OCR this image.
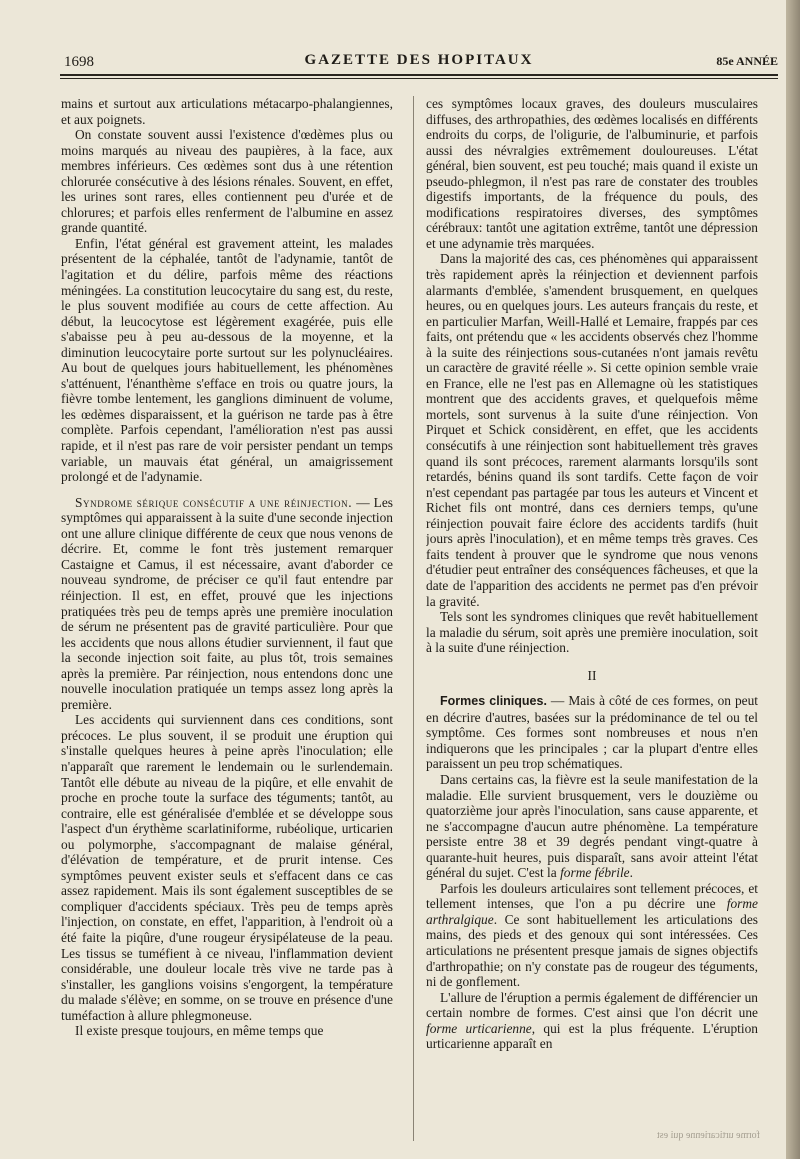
1698	GAZETTE DES HOPITAUX	85e ANNÉE

mains et surtout aux articulations métacarpo-phalangiennes, et aux poignets.

On constate souvent aussi l'existence d'œdèmes plus ou moins marqués au niveau des paupières, à la face, aux membres inférieurs. Ces œdèmes sont dus à une rétention chlorurée consécutive à des lésions rénales. Souvent, en effet, les urines sont rares, elles contiennent peu d'urée et de chlorures; et parfois elles renferment de l'albumine en assez grande quantité.

Enfin, l'état général est gravement atteint, les malades présentent de la céphalée, tantôt de l'adynamie, tantôt de l'agitation et du délire, parfois même des réactions méningées. La constitution leucocytaire du sang est, du reste, le plus souvent modifiée au cours de cette affection. Au début, la leucocytose est légèrement exagérée, puis elle s'abaisse peu à peu au-dessous de la moyenne, et la diminution leucocytaire porte surtout sur les polynucléaires. Au bout de quelques jours habituellement, les phénomènes s'atténuent, l'énanthème s'efface en trois ou quatre jours, la fièvre tombe lentement, les ganglions diminuent de volume, les œdèmes disparaissent, et la guérison ne tarde pas à être complète. Parfois cependant, l'amélioration n'est pas aussi rapide, et il n'est pas rare de voir persister pendant un temps variable, un mauvais état général, un amaigrissement prolongé et de l'adynamie.

Syndrome sérique consécutif a une réinjection. — Les symptômes qui apparaissent à la suite d'une seconde injection ont une allure clinique différente de ceux que nous venons de décrire. Et, comme le font très justement remarquer Castaigne et Camus, il est nécessaire, avant d'aborder ce nouveau syndrome, de préciser ce qu'il faut entendre par réinjection. Il est, en effet, prouvé que les injections pratiquées très peu de temps après une première inoculation de sérum ne présentent pas de gravité particulière. Pour que les accidents que nous allons étudier surviennent, il faut que la seconde injection soit faite, au plus tôt, trois semaines après la première. Par réinjection, nous entendons donc une nouvelle inoculation pratiquée un temps assez long après la première.

Les accidents qui surviennent dans ces conditions, sont précoces. Le plus souvent, il se produit une éruption qui s'installe quelques heures à peine après l'inoculation; elle n'apparaît que rarement le lendemain ou le surlendemain. Tantôt elle débute au niveau de la piqûre, et elle envahit de proche en proche toute la surface des téguments; tantôt, au contraire, elle est généralisée d'emblée et se développe sous l'aspect d'un érythème scarlatiniforme, rubéolique, urticarien ou polymorphe, s'accompagnant de malaise général, d'élévation de température, et de prurit intense. Ces symptômes peuvent exister seuls et s'effacent dans ce cas assez rapidement. Mais ils sont également susceptibles de se compliquer d'accidents spéciaux. Très peu de temps après l'injection, on constate, en effet, l'apparition, à l'endroit où a été faite la piqûre, d'une rougeur érysipélateuse de la peau. Les tissus se tuméfient à ce niveau, l'inflammation devient considérable, une douleur locale très vive ne tarde pas à s'installer, les ganglions voisins s'engorgent, la température du malade s'élève; en somme, on se trouve en présence d'une tuméfaction à allure phlegmoneuse.

Il existe presque toujours, en même temps que

ces symptômes locaux graves, des douleurs musculaires diffuses, des arthropathies, des œdèmes localisés en différents endroits du corps, de l'oligurie, de l'albuminurie, et parfois aussi des névralgies extrêmement douloureuses. L'état général, bien souvent, est peu touché; mais quand il existe un pseudo-phlegmon, il n'est pas rare de constater des troubles digestifs importants, de la fréquence du pouls, des modifications respiratoires diverses, des symptômes cérébraux: tantôt une agitation extrême, tantôt une dépression et une adynamie très marquées.

Dans la majorité des cas, ces phénomènes qui apparaissent très rapidement après la réinjection et deviennent parfois alarmants d'emblée, s'amendent brusquement, en quelques heures, ou en quelques jours. Les auteurs français du reste, et en particulier Marfan, Weill-Hallé et Lemaire, frappés par ces faits, ont prétendu que « les accidents observés chez l'homme à la suite des réinjections sous-cutanées n'ont jamais revêtu un caractère de gravité réelle ». Si cette opinion semble vraie en France, elle ne l'est pas en Allemagne où les statistiques montrent que des accidents graves, et quelquefois même mortels, sont survenus à la suite d'une réinjection. Von Pirquet et Schick considèrent, en effet, que les accidents consécutifs à une réinjection sont habituellement très graves quand ils sont précoces, rarement alarmants lorsqu'ils sont retardés, bénins quand ils sont tardifs. Cette façon de voir n'est cependant pas partagée par tous les auteurs et Vincent et Richet fils ont montré, dans ces derniers temps, qu'une réinjection pouvait faire éclore des accidents tardifs (huit jours après l'inoculation), et en même temps très graves. Ces faits tendent à prouver que le syndrome que nous venons d'étudier peut entraîner des conséquences fâcheuses, et que la date de l'apparition des accidents ne permet pas d'en prévoir la gravité.

Tels sont les syndromes cliniques que revêt habituellement la maladie du sérum, soit après une première inoculation, soit à la suite d'une réinjection.

II

Formes cliniques. — Mais à côté de ces formes, on peut en décrire d'autres, basées sur la prédominance de tel ou tel symptôme. Ces formes sont nombreuses et nous n'en indiquerons que les principales ; car la plupart d'entre elles paraissent un peu trop schématiques.

Dans certains cas, la fièvre est la seule manifestation de la maladie. Elle survient brusquement, vers le douzième ou quatorzième jour après l'inoculation, sans cause apparente, et ne s'accompagne d'aucun autre phénomène. La température persiste entre 38 et 39 degrés pendant vingt-quatre à quarante-huit heures, puis disparaît, sans avoir atteint l'état général du sujet. C'est la forme fébrile.

Parfois les douleurs articulaires sont tellement précoces, et tellement intenses, que l'on a pu décrire une forme arthralgique. Ce sont habituellement les articulations des mains, des pieds et des genoux qui sont intéressées. Ces articulations ne présentent presque jamais de signes objectifs d'arthropathie; on n'y constate pas de rougeur des téguments, ni de gonflement.

L'allure de l'éruption a permis également de différencier un certain nombre de formes. C'est ainsi que l'on décrit une forme urticarienne, qui est la plus fréquente. L'éruption urticarienne apparaît en

forme urticarienne qui est
